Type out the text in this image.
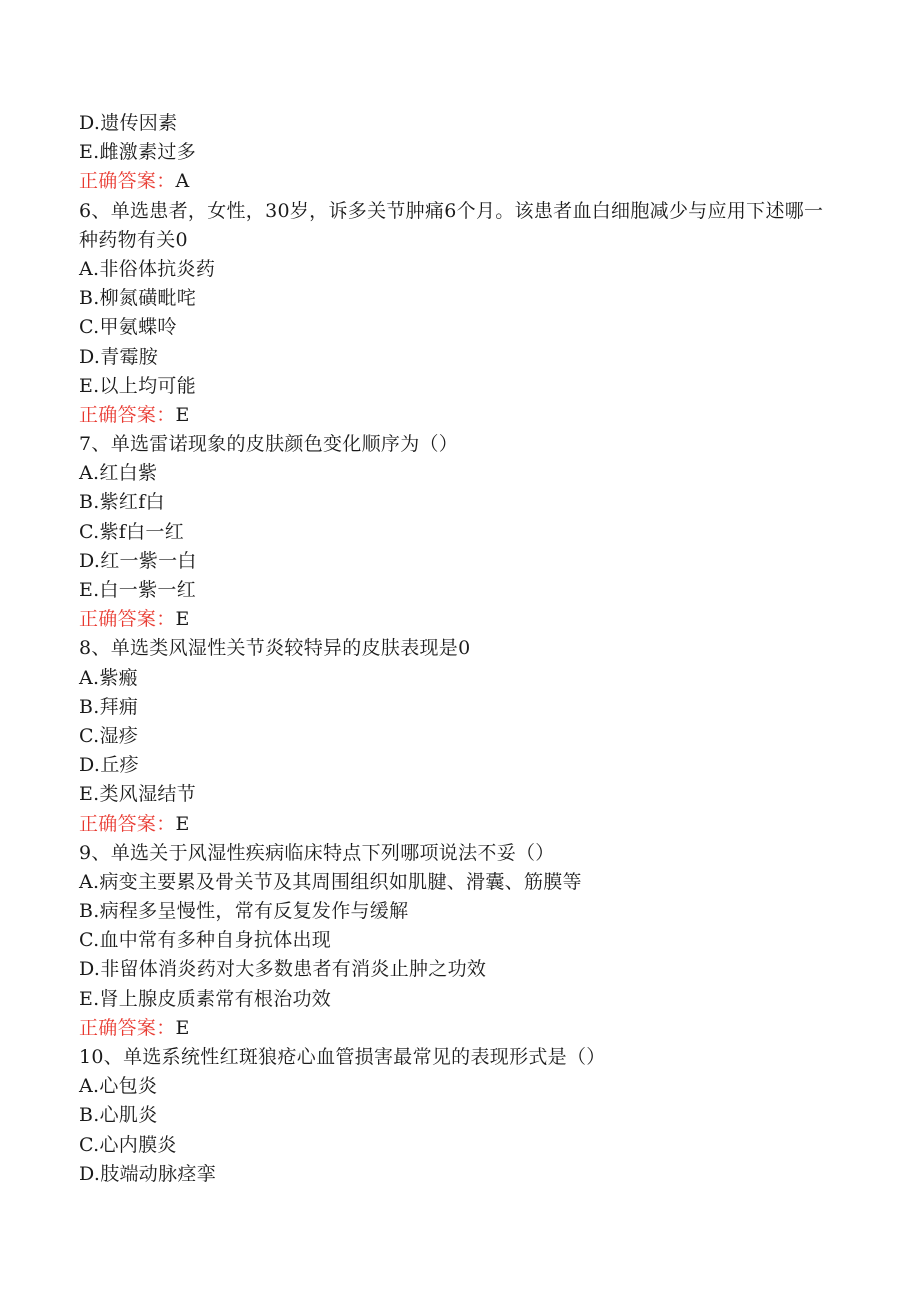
D.遗传因素
E.雌激素过多
正确答案：A
6、单选患者，女性，30岁，诉多关节肿痛6个月。该患者血白细胞减少与应用下述哪一种药物有关0
A.非俗体抗炎药
B.柳氮磺毗咤
C.甲氨蝶呤
D.青霉胺
E.以上均可能
正确答案：E
7、单选雷诺现象的皮肤颜色变化顺序为（）
A.红白紫
B.紫红f白
C.紫f白一红
D.红一紫一白
E.白一紫一红
正确答案：E
8、单选类风湿性关节炎较特异的皮肤表现是0
A.紫瘢
B.拜痈
C.湿疹
D.丘疹
E.类风湿结节
正确答案：E
9、单选关于风湿性疾病临床特点下列哪项说法不妥（）
A.病变主要累及骨关节及其周围组织如肌腱、滑囊、筋膜等
B.病程多呈慢性，常有反复发作与缓解
C.血中常有多种自身抗体出现
D.非留体消炎药对大多数患者有消炎止肿之功效
E.肾上腺皮质素常有根治功效
正确答案：E
10、单选系统性红斑狼疮心血管损害最常见的表现形式是（）
A.心包炎
B.心肌炎
C.心内膜炎
D.肢端动脉痉挛
